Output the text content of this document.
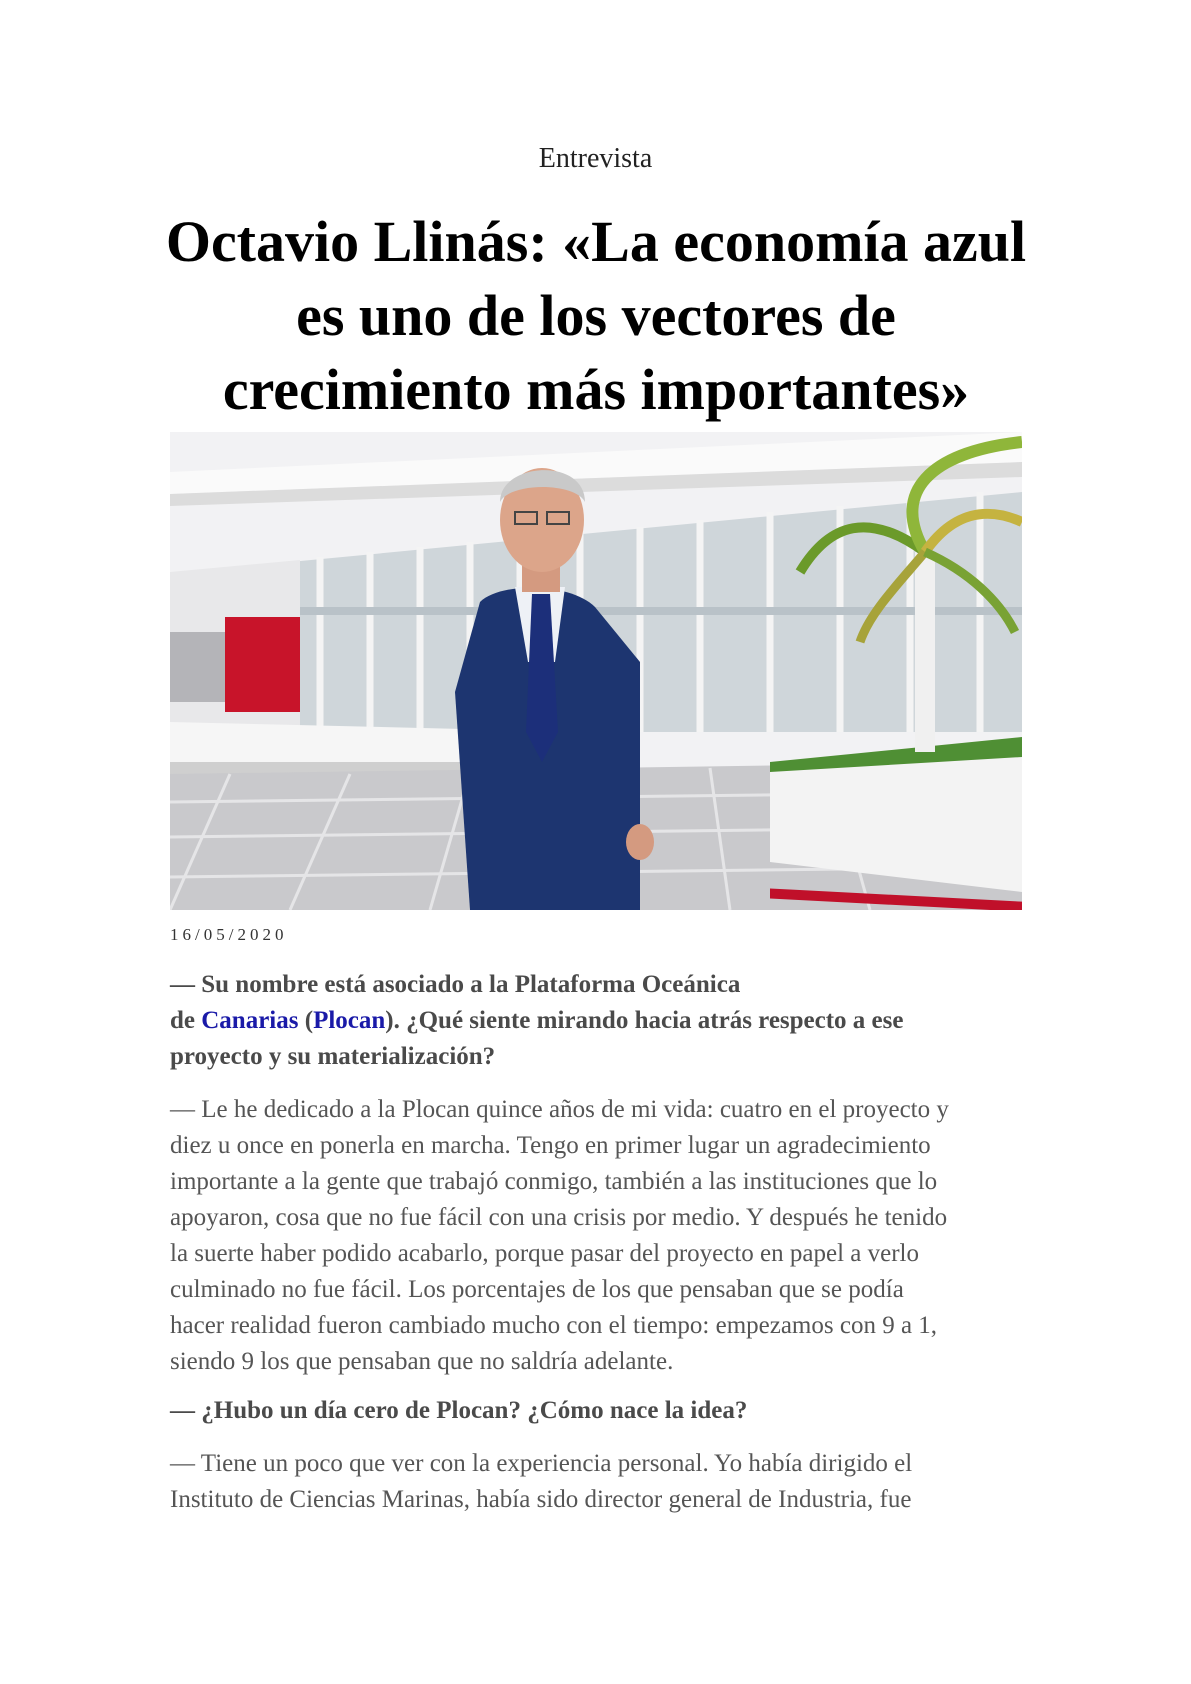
Entrevista
Octavio Llinás: «La economía azul es uno de los vectores de crecimiento más importantes»
16/05/2020

— Su nombre está asociado a la Plataforma Oceánica
de Canarias (Plocan). ¿Qué siente mirando hacia atrás respecto a ese
proyecto y su materialización?

— Le he dedicado a la Plocan quince años de mi vida: cuatro en el proyecto y
diez u once en ponerla en marcha. Tengo en primer lugar un agradecimiento
importante a la gente que trabajó conmigo, también a las instituciones que lo
apoyaron, cosa que no fue fácil con una crisis por medio. Y después he tenido
la suerte haber podido acabarlo, porque pasar del proyecto en papel a verlo
culminado no fue fácil. Los porcentajes de los que pensaban que se podía
hacer realidad fueron cambiado mucho con el tiempo: empezamos con 9 a 1,
siendo 9 los que pensaban que no saldría adelante.

— ¿Hubo un día cero de Plocan? ¿Cómo nace la idea?

— Tiene un poco que ver con la experiencia personal. Yo había dirigido el
Instituto de Ciencias Marinas, había sido director general de Industria, fue
